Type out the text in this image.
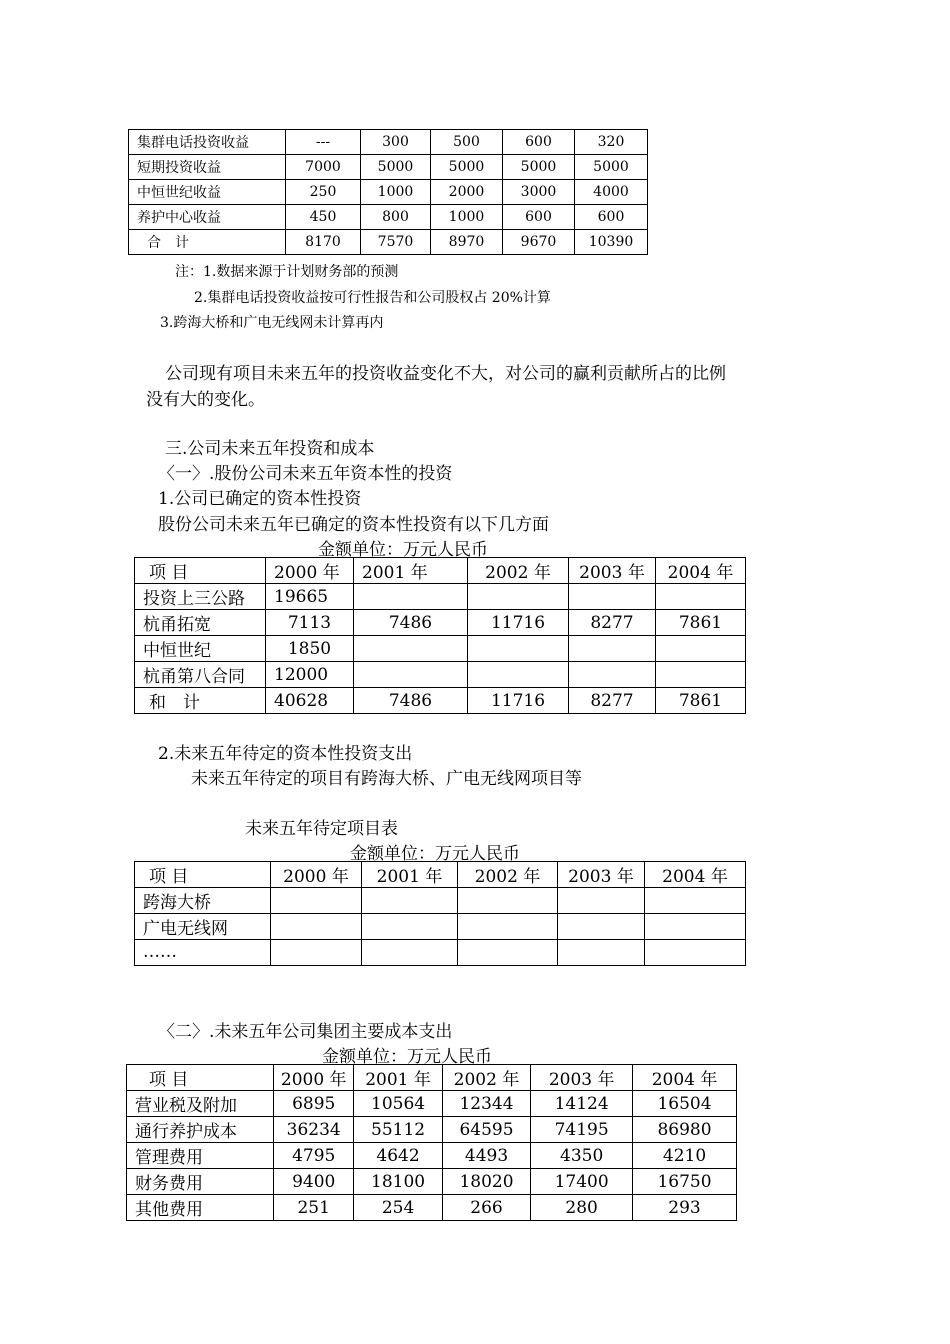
集群电话投资收益	---	300	500	600	320
短期投资收益	7000	5000	5000	5000	5000
中恒世纪收益	250	1000	2000	3000	4000
养护中心收益	450	800	1000	600	600
合　计	8170	7570	8970	9670	10390
注：1.数据来源于计划财务部的预测
2.集群电话投资收益按可行性报告和公司股权占 20%计算
3.跨海大桥和广电无线网未计算再内
公司现有项目未来五年的投资收益变化不大，对公司的赢利贡献所占的比例
没有大的变化。
三.公司未来五年投资和成本
〈一〉.股份公司未来五年资本性的投资
1.公司已确定的资本性投资
股份公司未来五年已确定的资本性投资有以下几方面
金额单位：万元人民币
项 目	2000 年	2001 年	2002 年	2003 年	2004 年
投资上三公路	19665				
杭甬拓宽	7113	7486	11716	8277	7861
中恒世纪	1850				
杭甬第八合同	12000				
和　计	40628	7486	11716	8277	7861
2.未来五年待定的资本性投资支出
未来五年待定的项目有跨海大桥、广电无线网项目等
未来五年待定项目表
金额单位：万元人民币
项 目	2000 年	2001 年	2002 年	2003 年	2004 年
跨海大桥					
广电无线网					
……					
〈二〉.未来五年公司集团主要成本支出
金额单位：万元人民币
项 目	2000 年	2001 年	2002 年	2003 年	2004 年
营业税及附加	6895	10564	12344	14124	16504
通行养护成本	36234	55112	64595	74195	86980
管理费用	4795	4642	4493	4350	4210
财务费用	9400	18100	18020	17400	16750
其他费用	251	254	266	280	293
